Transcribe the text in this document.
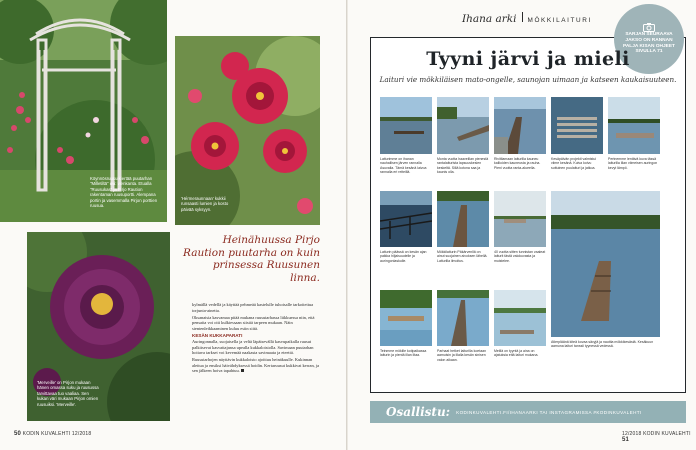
Köynnösruusu kiertää puutarhan "Milletiltä" ovi: vienkanta. Etualla "Ruusukas" ja Pirjo Raution rakentaman ruusuportti. Alempana portin ja vasemmalla Pirjon porttien ruusua.
'Hérmeraunnaan' kukkii runsaasti lumien ja kosto päivää syksyyn.
'Merveille' on Pirjon mukaan hänen omassa suku ja ruusussa tarvittavaa tuo vaaliaa. Sen kukan väri mukaan Pirjon omien ruusuiksi. 'Merveille'.
Heinähuussa Pirjo Raution puutarha on kuin prinsessa Ruusunen linna.

kylmällä vedellä ja käyttää pehmeää kastelulle tuhoisalle tarkoitettua torjunta-ainetta.

Oksanaisia kasvamaa pitää mukana ruusutarhassa liikkuessa niin, että pensaita voi oiti kulkiessaan siistiä tarpeen mukaan. Näin sientenleikkaaminen kuluu esiin siitä.

KESÄN KUKKAPARATI

Auringonnalla, suojaisella ja veltä läpäisevällä kasvupaikalla ruusut palkitsevat kasvattajansa upealla kukkaloistolla. Savimaan puutarhan hoitava tarkset voi kevemää naakasta savimaata ja eteettä.

Ruusutarhojen näyttävin kukkaloisto ajoittuu heinäkuulle. Kukinnan alettua ja ensiksi häivähdyksessä hoidin. Kertaruusut kukkivat kerran, ja sen jälkeen hoiva tapahtuu.

50 KODIN KUVALEHTI 12/2018
Ihana arki MÖKKILAITURI
SARJAN SEURAAVA JAKSO ON RANNAN PALJA KISAN OHJEET SIVULLA 71
Tyyni järvi ja mieli
Laituri vie mökkiläisen mato-ongelle, saunojan uimaan ja katseen kaukaisuuteen.
Laiturimme on ihanan nauhallisen järven rannalla Asuvalla. Tämä kesänä laivoa rannalla eri reiteillä.
Monta vuotta haaveillan pienestä rantalaiturista lapsuuskesien keskeltä. Sillä kotona saa ja kaunis olla.
Rivitilamaan laiturilla kauneu kallioiden kauneusta ja rauha. Pieni vuotta ranta-alueella.
Kesäpäivän projekti valmistui viime kesänä. Kuiva koivu suttuinen puulaituri ja jatkoa.
Pertnemme lentävä kuva tässä laiturilla illan viimeisen auringon kevyt lämpö.
Laiturin päässä on kesän ajan paikka hiljaisuudelle ja auringonlaskulle.
Mökkilaiturin Päkärvenllä on ainut suojainen aivoksen lähellä. Laiturilla ilmoitus.
40 vuotta sitten tunnistan vaaleat laiturit tästä valokuvasta ja muistelee.
Atlerpläänä kiteä kovaa sävyjä ja nauttia mökkikesästä. Kesäkuun aamuna laituri tanssii tyynessä vedessä.
Teinmme mökille kotipaikassa laiturin ja pientä illan iltaa.
Parhaat hetket laiturilla koetaan aamuisin ja illalla kesän sinisen valon aikaan.
Meillä on tyyntä ja aina on ajatuksia että laituri mukana.
Osallistu: KODINKUVALEHTI.FI/IHANAARKI TAI INSTAGRAMISSA #KODINKUVALEHTI
12/2018 KODIN KUVALEHTI 51
